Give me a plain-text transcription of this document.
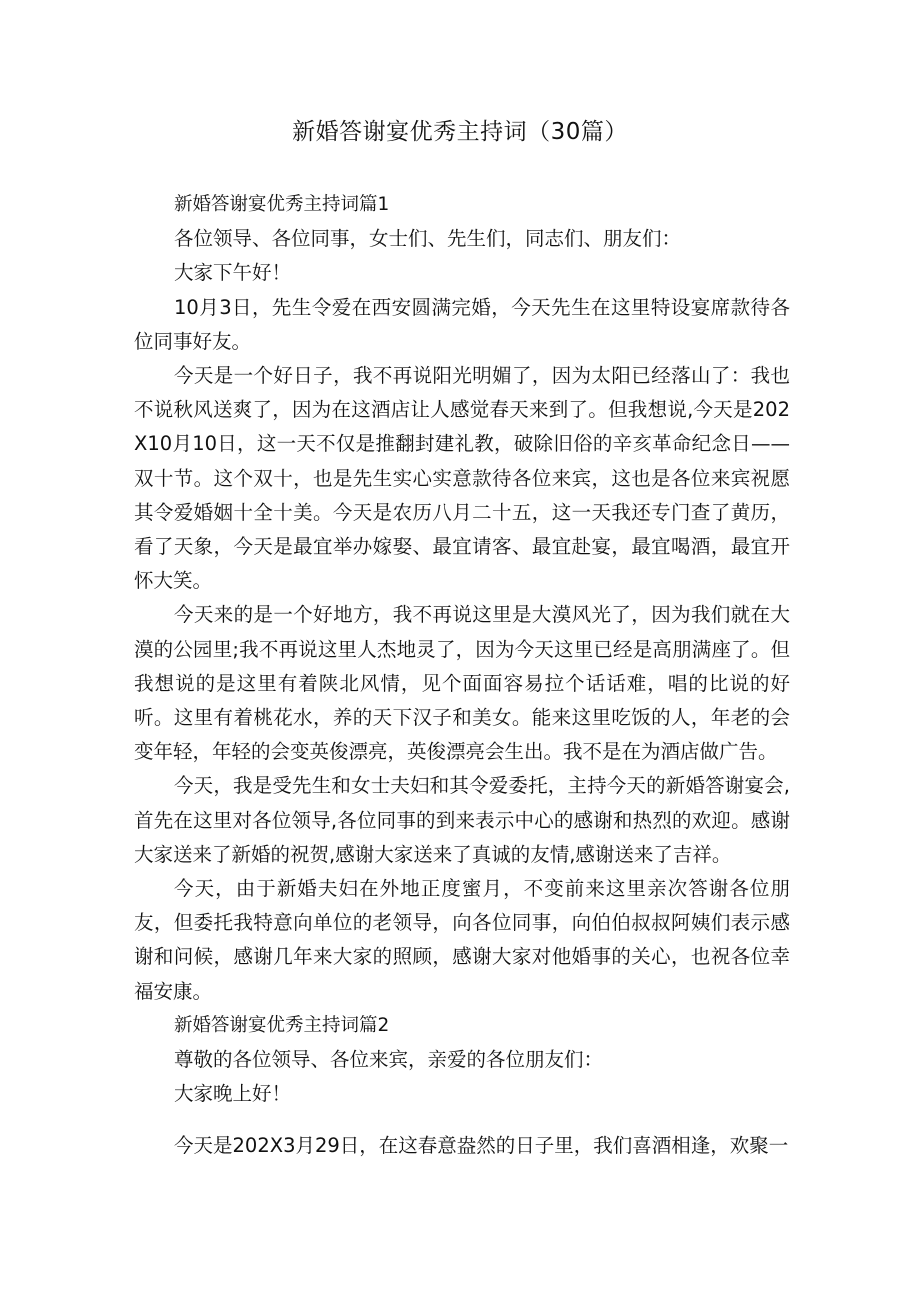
新婚答谢宴优秀主持词（30篇）
新婚答谢宴优秀主持词篇1

各位领导、各位同事，女士们、先生们，同志们、朋友们：

大家下午好！

10月3日，先生令爱在西安圆满完婚，今天先生在这里特设宴席款待各位同事好友。

今天是一个好日子，我不再说阳光明媚了，因为太阳已经落山了：我也不说秋风送爽了，因为在这酒店让人感觉春天来到了。但我想说,今天是202X10月10日，这一天不仅是推翻封建礼教，破除旧俗的辛亥革命纪念日——双十节。这个双十，也是先生实心实意款待各位来宾，这也是各位来宾祝愿其令爱婚姻十全十美。今天是农历八月二十五，这一天我还专门查了黄历，看了天象，今天是最宜举办嫁娶、最宜请客、最宜赴宴，最宜喝酒，最宜开怀大笑。

今天来的是一个好地方，我不再说这里是大漠风光了，因为我们就在大漠的公园里;我不再说这里人杰地灵了，因为今天这里已经是高朋满座了。但我想说的是这里有着陕北风情，见个面面容易拉个话话难，唱的比说的好听。这里有着桃花水，养的天下汉子和美女。能来这里吃饭的人，年老的会变年轻，年轻的会变英俊漂亮，英俊漂亮会生出。我不是在为酒店做广告。

今天，我是受先生和女士夫妇和其令爱委托，主持今天的新婚答谢宴会,首先在这里对各位领导,各位同事的到来表示中心的感谢和热烈的欢迎。感谢大家送来了新婚的祝贺,感谢大家送来了真诚的友情,感谢送来了吉祥。

今天，由于新婚夫妇在外地正度蜜月，不变前来这里亲次答谢各位朋友，但委托我特意向单位的老领导，向各位同事，向伯伯叔叔阿姨们表示感谢和问候，感谢几年来大家的照顾，感谢大家对他婚事的关心，也祝各位幸福安康。

新婚答谢宴优秀主持词篇2

尊敬的各位领导、各位来宾，亲爱的各位朋友们：

大家晚上好！

今天是202X3月29日，在这春意盎然的日子里，我们喜酒相逢，欢聚一
